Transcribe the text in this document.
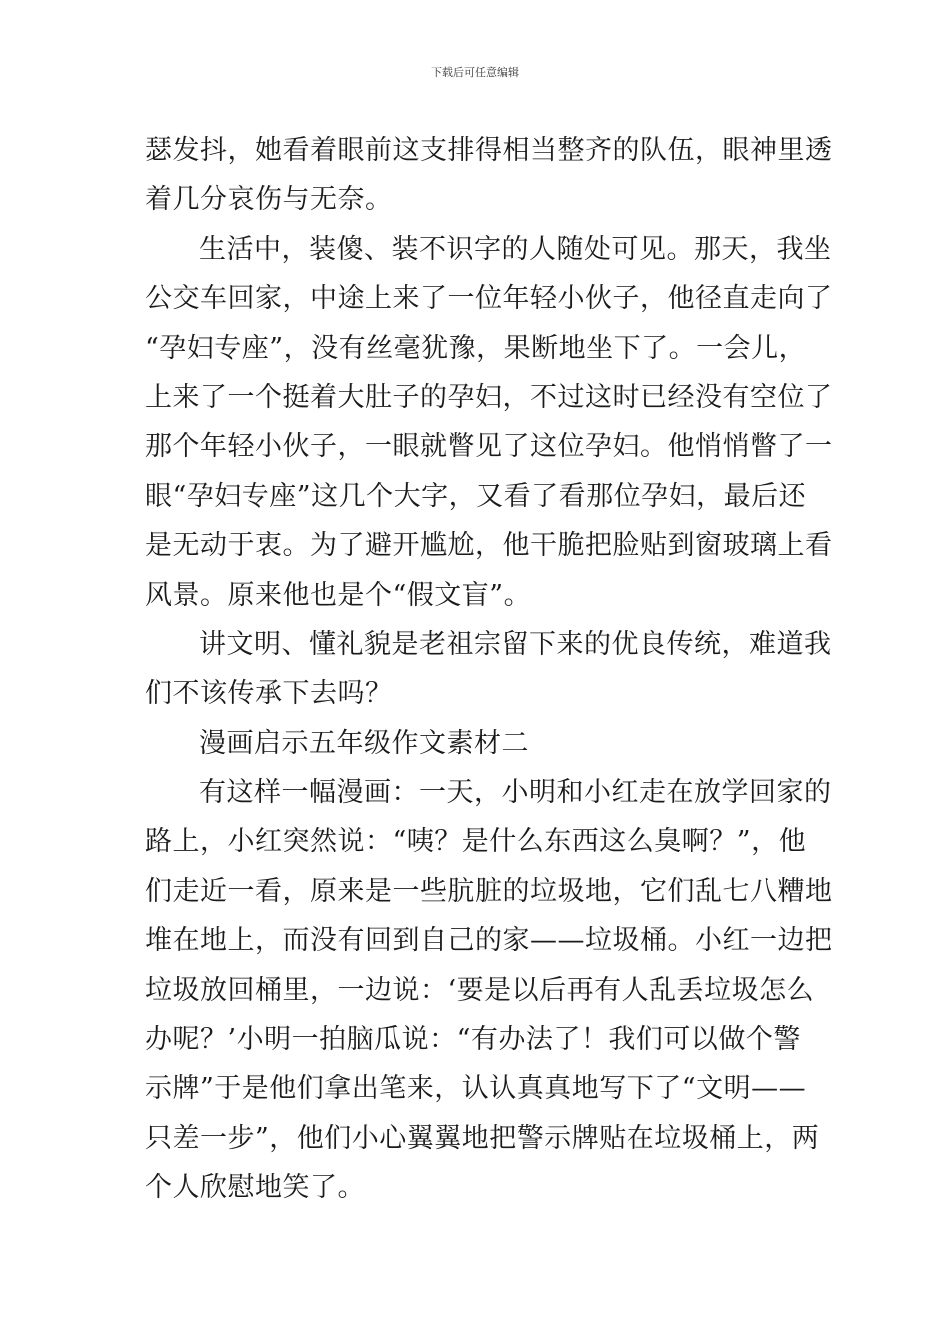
下载后可任意编辑
瑟发抖，她看着眼前这支排得相当整齐的队伍，眼神里透
着几分哀伤与无奈。
生活中，装傻、装不识字的人随处可见。那天，我坐
公交车回家，中途上来了一位年轻小伙子，他径直走向了
“孕妇专座”，没有丝毫犹豫，果断地坐下了。一会儿，
上来了一个挺着大肚子的孕妇，不过这时已经没有空位了
那个年轻小伙子，一眼就瞥见了这位孕妇。他悄悄瞥了一
眼“孕妇专座”这几个大字，又看了看那位孕妇，最后还
是无动于衷。为了避开尴尬，他干脆把脸贴到窗玻璃上看
风景。原来他也是个“假文盲”。
讲文明、懂礼貌是老祖宗留下来的优良传统，难道我
们不该传承下去吗？
漫画启示五年级作文素材二
有这样一幅漫画：一天，小明和小红走在放学回家的
路上，小红突然说：“咦？是什么东西这么臭啊？”，他
们走近一看，原来是一些肮脏的垃圾地，它们乱七八糟地
堆在地上，而没有回到自己的家——垃圾桶。小红一边把
垃圾放回桶里，一边说：‘要是以后再有人乱丢垃圾怎么
办呢？’小明一拍脑瓜说：“有办法了！我们可以做个警
示牌”于是他们拿出笔来，认认真真地写下了“文明——
只差一步”，他们小心翼翼地把警示牌贴在垃圾桶上，两
个人欣慰地笑了。
